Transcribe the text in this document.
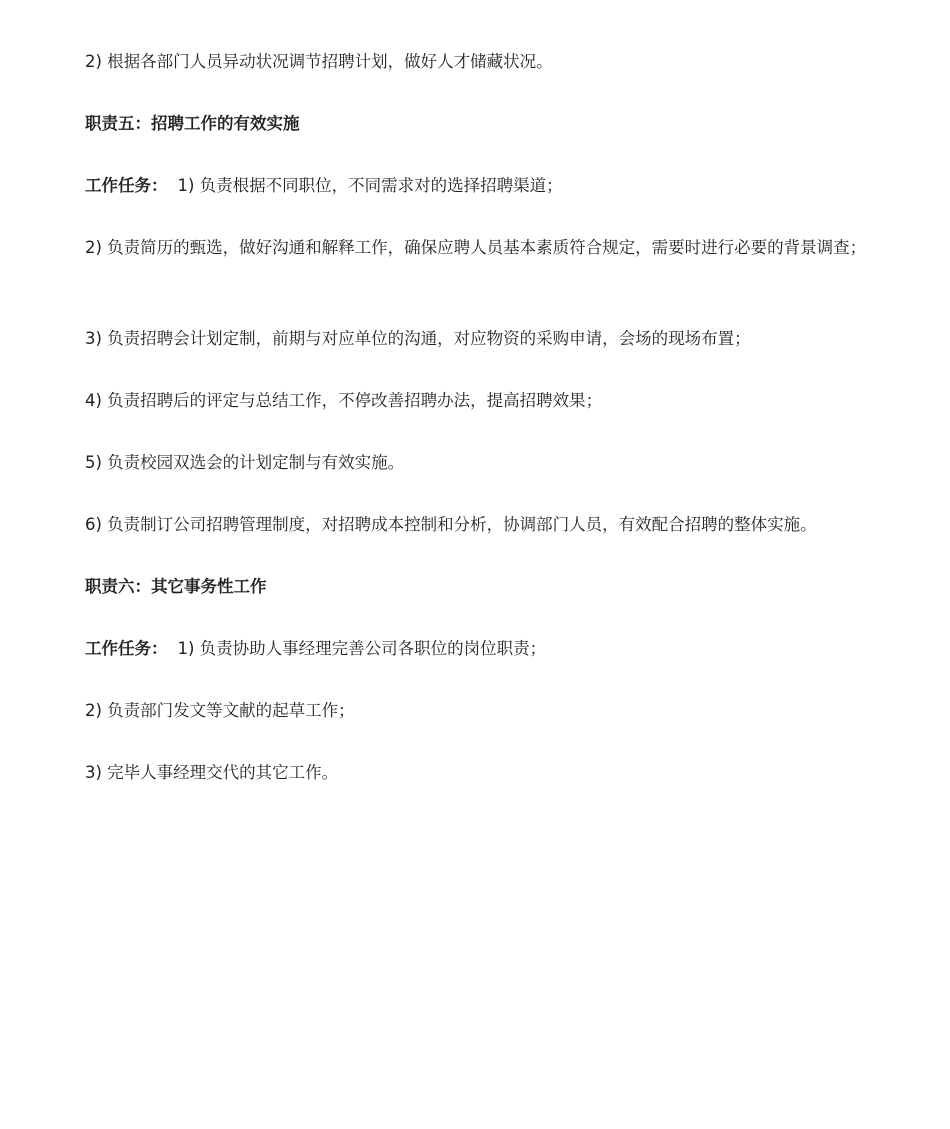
2) 根据各部门人员异动状况调节招聘计划，做好人才储藏状况。

职责五：招聘工作的有效实施

工作任务： 1) 负责根据不同职位，不同需求对的选择招聘渠道；

2) 负责简历的甄选，做好沟通和解释工作，确保应聘人员基本素质符合规定，需要时进行必要的背景调查；

3) 负责招聘会计划定制，前期与对应单位的沟通，对应物资的采购申请，会场的现场布置；

4) 负责招聘后的评定与总结工作，不停改善招聘办法，提高招聘效果；

5) 负责校园双选会的计划定制与有效实施。

6) 负责制订公司招聘管理制度，对招聘成本控制和分析，协调部门人员，有效配合招聘的整体实施。

职责六：其它事务性工作

工作任务： 1) 负责协助人事经理完善公司各职位的岗位职责；

2) 负责部门发文等文献的起草工作；

3) 完毕人事经理交代的其它工作。
